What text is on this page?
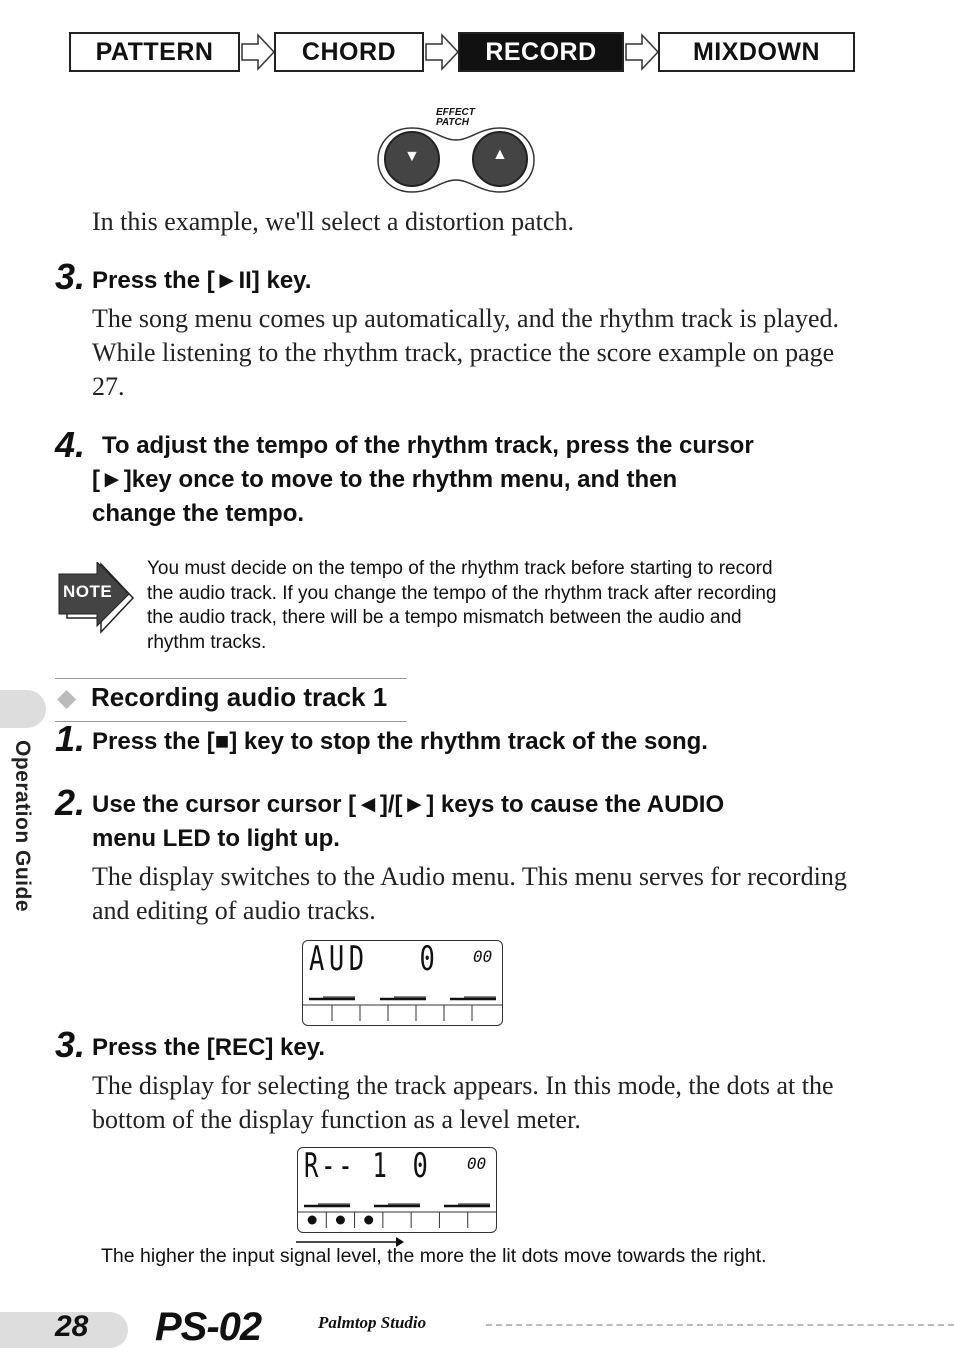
PATTERN	CHORD	RECORD	MIXDOWN
EFFECT
PATCH
▼	▲
In this example, we'll select a distortion patch.
3. Press the [►II] key.
The song menu comes up automatically, and the rhythm track is played. While listening to the rhythm track, practice the score example on page 27.
4. To adjust the tempo of the rhythm track, press the cursor
[►]key once to move to the rhythm menu, and then
change the tempo.
NOTE
You must decide on the tempo of the rhythm track before starting to record
the audio track. If you change the tempo of the rhythm track after recording
the audio track, there will be a tempo mismatch between the audio and
rhythm tracks.
Operation Guide
◆ Recording audio track 1
1. Press the [■] key to stop the rhythm track of the song.
2. Use the cursor cursor [◄]/[►] keys to cause the AUDIO
menu LED to light up.
The display switches to the Audio menu. This menu serves for recording and editing of audio tracks.
AUD 0 00
3. Press the [REC] key.
The display for selecting the track appears. In this mode, the dots at the bottom of the display function as a level meter.
R-- 1 0 00
The higher the input signal level, the more the lit dots move towards the right.
28 PS-02	Palmtop Studio
